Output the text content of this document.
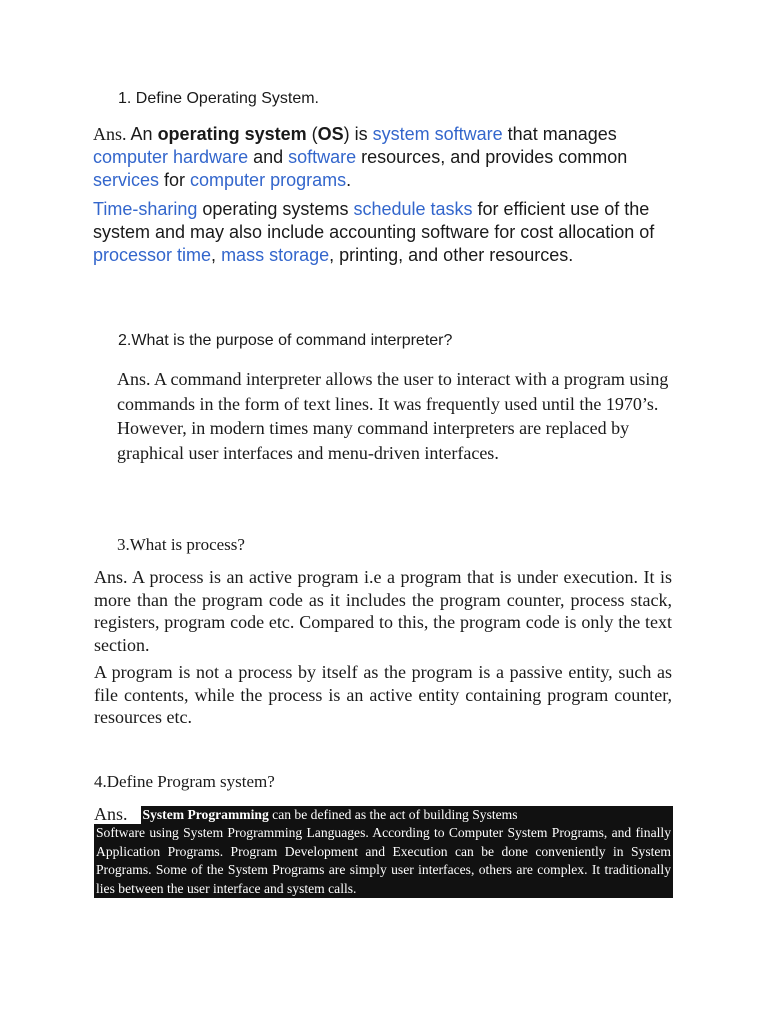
1. Define Operating System.
Ans. An operating system (OS) is system software that manages computer hardware and software resources, and provides common services for computer programs.
Time-sharing operating systems schedule tasks for efficient use of the system and may also include accounting software for cost allocation of processor time, mass storage, printing, and other resources.
2.What is the purpose of command interpreter?
Ans. A command interpreter allows the user to interact with a program using commands in the form of text lines. It was frequently used until the 1970’s. However, in modern times many command interpreters are replaced by graphical user interfaces and menu-driven interfaces.
3.What is process?
Ans. A process is an active program i.e a program that is under execution. It is more than the program code as it includes the program counter, process stack, registers, program code etc. Compared to this, the program code is only the text section.
A program is not a process by itself as the program is a passive entity, such as file contents, while the process is an active entity containing program counter, resources etc.
4.Define Program system?
Ans. System Programming can be defined as the act of building Systems
Software using System Programming Languages. According to Computer System Programs, and finally Application Programs. Program Development and Execution can be done conveniently in System Programs. Some of the System Programs are simply user interfaces, others are complex. It traditionally lies between the user interface and system calls.
